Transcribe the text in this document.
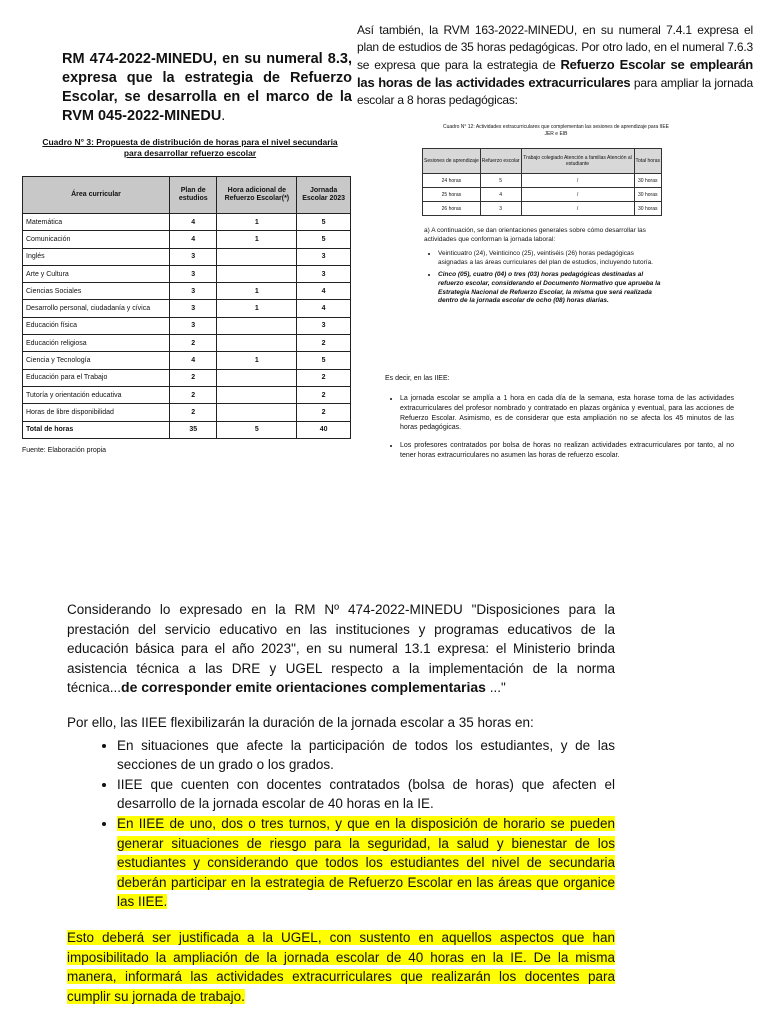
RM 474-2022-MINEDU, en su numeral 8.3, expresa que la estrategia de Refuerzo Escolar, se desarrolla en el marco de la RVM 045-2022-MINEDU.
Cuadro N° 3: Propuesta de distribución de horas para el nivel secundaria
para desarrollar refuerzo escolar
Área curricular	Plan de estudios	Hora adicional de Refuerzo Escolar(*)	Jornada Escolar 2023
Matemática	4	1	5
Comunicación	4	1	5
Inglés	3		3
Arte y Cultura	3		3
Ciencias Sociales	3	1	4
Desarrollo personal, ciudadanía y cívica	3	1	4
Educación física	3		3
Educación religiosa	2		2
Ciencia y Tecnología	4	1	5
Educación para el Trabajo	2		2
Tutoría y orientación educativa	2		2
Horas de libre disponibilidad	2		2
Total de horas	35	5	40
Fuente: Elaboración propia
Así también, la RVM 163-2022-MINEDU, en su numeral 7.4.1 expresa el plan de estudios de 35 horas pedagógicas. Por otro lado, en el numeral 7.6.3 se expresa que para la estrategia de Refuerzo Escolar se emplearán las horas de las actividades extracurriculares para ampliar la jornada escolar a 8 horas pedagógicas:
Cuadro N° 12: Actividades extracurriculares que complementan las sesiones de aprendizaje para IIEE JER e EIB
Sesiones de aprendizaje	Refuerzo escolar	Trabajo colegiado Atención a familias Atención al estudiante	Total horas
24 horas	5	/	30 horas
25 horas	4	/	30 horas
26 horas	3	/	30 horas
a) A continuación, se dan orientaciones generales sobre cómo desarrollar las actividades que conforman la jornada laboral:
• Veinticuatro (24), Veinticinco (25), veintiséis (26) horas pedagógicas asignadas a las áreas curriculares del plan de estudios, incluyendo tutoría.
• Cinco (05), cuatro (04) o tres (03) horas pedagógicas destinadas al refuerzo escolar, considerando el Documento Normativo que aprueba la Estrategia Nacional de Refuerzo Escolar, la misma que será realizada dentro de la jornada escolar de ocho (08) horas diarias.
Es decir, en las IIEE:
• La jornada escolar se amplía a 1 hora en cada día de la semana, esta horase toma de las actividades extracurriculares del profesor nombrado y contratado en plazas orgánica y eventual, para las acciones de Refuerzo Escolar. Asimismo, es de considerar que esta ampliación no se afecta los 45 minutos de las horas pedagógicas.
• Los profesores contratados por bolsa de horas no realizan actividades extracurriculares por tanto, al no tener horas extracurriculares no asumen las horas de refuerzo escolar.

Considerando lo expresado en la RM Nº 474-2022-MINEDU "Disposiciones para la prestación del servicio educativo en las instituciones y programas educativos de la educación básica para el año 2023", en su numeral 13.1 expresa: el Ministerio brinda asistencia técnica a las DRE y UGEL respecto a la implementación de la norma técnica...de corresponder emite orientaciones complementarias ..."

Por ello, las IIEE flexibilizarán la duración de la jornada escolar a 35 horas en:

• En situaciones que afecte la participación de todos los estudiantes, y de las secciones de un grado o los grados.
• IIEE que cuenten con docentes contratados (bolsa de horas) que afecten el desarrollo de la jornada escolar de 40 horas en la IE.
• En IIEE de uno, dos o tres turnos, y que en la disposición de horario se pueden generar situaciones de riesgo para la seguridad, la salud y bienestar de los estudiantes y considerando que todos los estudiantes del nivel de secundaria deberán participar en la estrategia de Refuerzo Escolar en las áreas que organice las IIEE.

Esto deberá ser justificada a la UGEL, con sustento en aquellos aspectos que han imposibilitado la ampliación de la jornada escolar de 40 horas en la IE. De la misma manera, informará las actividades extracurriculares que realizarán los docentes para cumplir su jornada de trabajo.
